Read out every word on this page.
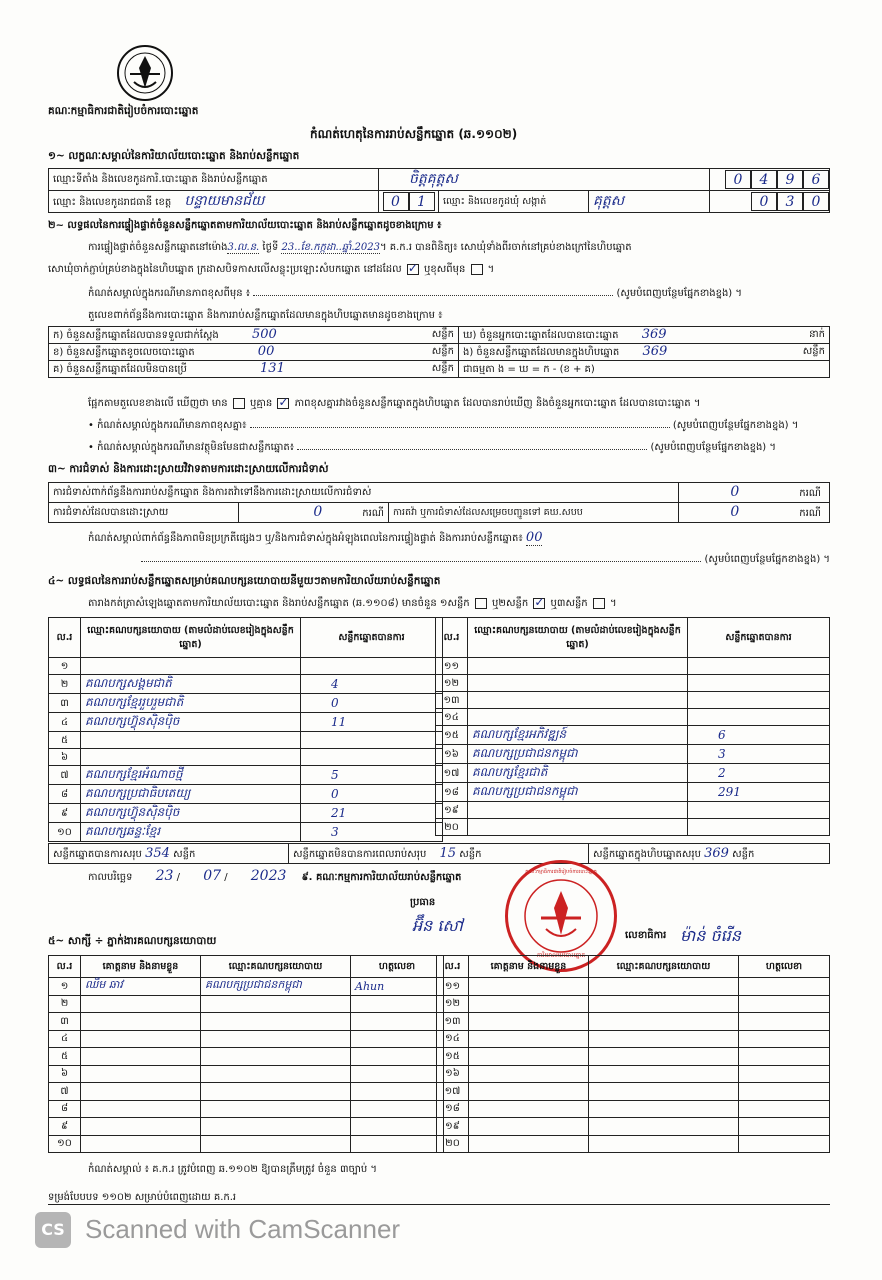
គណៈកម្មាធិការជាតិរៀបចំការបោះឆ្នោត
កំណត់ហេតុនៃការរាប់សន្លឹកឆ្នោត (ឆ.១១០២)
១~ លក្ខណៈសម្គាល់នៃការិយាល័យបោះឆ្នោត និងរាប់សន្លឹកឆ្នោត
ឈ្មោះទីតាំង និងលេខកូដការិ.បោះឆ្នោត និងរាប់សន្លឹកឆ្នោត	ចិត្តគុត្តស			0 4 9 6
ឈ្មោះ និងលេខកូដរាជធានី ខេត្ត បន្ទាយមានជ័យ	0 1	ឈ្មោះ និងលេខកូដឃុំ សង្កាត់	គុត្តស	0 3 0
២~ លទ្ធផលនៃការផ្ទៀងផ្ទាត់ចំនួនសន្លឹកឆ្នោតតាមការិយាល័យបោះឆ្នោត និងរាប់សន្លឹកឆ្នោតដូចខាងក្រោម ៖
ការផ្ទៀងផ្ទាត់ចំនួនសន្លឹកឆ្នោតនៅម៉ោង3.ល.ន. ថ្ងៃទី 23..ខែ.កក្កដា..ឆ្នាំ.2023។ គ.ក.រ បានពិនិត្យ៖ សោឃុំទាំងពីរចាក់នៅគ្រប់ខាងក្រៅនៃហិបឆ្នោត
សោឃុំចាក់ភ្ជាប់គ្រប់ខាងក្នុងនៃហិបឆ្នោត ក្រដាសបិទកាសលើសន្លុះប្រឡោះសំបកឆ្នោត នៅដដែល ✓ ឬខុសពីមុន  ។
កំណត់សម្គាល់ក្នុងករណីមានភាពខុសពីមុន ៖	(សូមបំពេញបន្ថែមផ្នែកខាងខ្នង) ។
តួលេខពាក់ព័ន្ធនឹងការបោះឆ្នោត និងការរាប់សន្លឹកឆ្នោតដែលមានក្នុងហិបឆ្នោតមានដូចខាងក្រោម ៖
ក) ចំនួនសន្លឹកឆ្នោតដែលបានទទួលជាក់ស្តែង 500 សន្លឹក	ឃ) ចំនួនអ្នកបោះឆ្នោតដែលបានបោះឆ្នោត 369 នាក់

ខ) ចំនួនសន្លឹកឆ្នោតខូចលេចបោះឆ្នោត 00 សន្លឹក	ង) ចំនួនសន្លឹកឆ្នោតដែលមានក្នុងហិបឆ្នោត 369 សន្លឹក

គ) ចំនួនសន្លឹកឆ្នោតដែលមិនបានប្រើ 131 សន្លឹក	ជាធម្មតា ង = ឃ = ក - (ខ + គ)
ផ្អែកតាមតួលេខខាងលើ ឃើញថា មាន ឬគ្មាន ✓ ភាពខុសគ្នារវាងចំនួនសន្លឹកឆ្នោតក្នុងហិបឆ្នោត ដែលបានរាប់ឃើញ និងចំនួនអ្នកបោះឆ្នោត ដែលបានបោះឆ្នោត ។
• កំណត់សម្គាល់ក្នុងករណីមានភាពខុសគ្នា៖	(សូមបំពេញបន្ថែមផ្នែកខាងខ្នង) ។
• កំណត់សម្គាល់ក្នុងករណីមានវត្ថុមិនមែនជាសន្លឹកឆ្នោត៖	(សូមបំពេញបន្ថែមផ្នែកខាងខ្នង) ។
៣~ ការជំទាស់ និងការដោះស្រាយវិវាទតាមការដោះស្រាយលើការជំទាស់
ការជំទាស់ពាក់ព័ន្ធនឹងការរាប់សន្លឹកឆ្នោត និងការតវ៉ាទៅនឹងការដោះស្រាយលើការជំទាស់			0 ករណី
ការជំទាស់ដែលបានដោះស្រាយ	0 ករណី	ការតវ៉ា ឬការជំទាស់ដែលសម្រេចបញ្ជូនទៅ គឃ.សបប	0 ករណី
កំណត់សម្គាល់ពាក់ព័ន្ធនឹងភាពមិនប្រក្រតីផ្សេងៗ ឬ/និងការជំទាស់ក្នុងអំឡុងពេលនៃការផ្ទៀងផ្ទាត់ និងការរាប់សន្លឹកឆ្នោត៖ 00
(សូមបំពេញបន្ថែមផ្នែកខាងខ្នង) ។
៤~ លទ្ធផលនៃការរាប់សន្លឹកឆ្នោតសម្រាប់គណបក្សនយោបាយនីមួយៗតាមការិយាល័យរាប់សន្លឹកឆ្នោត
តារាងកត់ត្រាសំឡេងឆ្នោតតាមការិយាល័យបោះឆ្នោត និងរាប់សន្លឹកឆ្នោត (ឆ.១១០៨) មានចំនួន ១សន្លឹក ឬ២សន្លឹក ✓ ឬ៣សន្លឹក  ។
ល.រ	ឈ្មោះគណបក្សនយោបាយ (តាមលំដាប់លេខរៀងក្នុងសន្លឹកឆ្នោត)	សន្លឹកឆ្នោតបានការ
១		
២	គណបក្សសង្គមជាតិ	4
៣	គណបក្សខ្មែររួបរួមជាតិ	0
៤	គណបក្សហ៊្វុនស៊ិនប៉ិច	11
៥		
៦		
៧	គណបក្សខ្មែរអំណាចថ្មី	5
៨	គណបក្សប្រជាធិបតេយ្យ	0
៩	គណបក្សហ៊្វុនស៊ិនប៉ិច	21
១០	គណបក្សឆន្ទៈខ្មែរ	3
ល.រ	ឈ្មោះគណបក្សនយោបាយ (តាមលំដាប់លេខរៀងក្នុងសន្លឹកឆ្នោត)	សន្លឹកឆ្នោតបានការ
១១		
១២		
១៣		
១៤		
១៥	គណបក្សខ្មែរអភិវឌ្ឍន៍	6
១៦	គណបក្សប្រជាជនកម្ពុជា	3
១៧	គណបក្សខ្មែរជាតិ	2
១៨	គណបក្សប្រជាជនកម្ពុជា	291
១៩		
២០		
សន្លឹកឆ្នោតបានការសរុប 354 សន្លឹក	សន្លឹកឆ្នោតមិនបានការពេលរាប់សរុប 15 សន្លឹក	សន្លឹកឆ្នោតក្នុងហិបឆ្នោតសរុប 369 សន្លឹក
កាលបរិច្ឆេទ 23 / 07 / 2023 ៩. គណៈកម្មការការិយាល័យរាប់សន្លឹកឆ្នោត
ប្រធាន
អ៊ឹន សៅ
លេខាធិការ ម៉ាន់ ចំរើន
គណៈកម្មាធិការជាតិរៀបចំការបោះឆ្នោត
ការិយាល័យបោះឆ្នោត
៥~ សាក្សី ÷ ភ្នាក់ងារគណបក្សនយោបាយ
ល.រ	គោត្តនាម និងនាមខ្លួន	ឈ្មោះគណបក្សនយោបាយ	ហត្ថលេខា
១	ឈឹម ឆាវ	គណបក្សប្រជាជនកម្ពុជា	Ahun
២			
៣			
៤			
៥			
៦			
៧			
៨			
៩			
១០			
ល.រ	គោត្តនាម និងនាមខ្លួន	ឈ្មោះគណបក្សនយោបាយ	ហត្ថលេខា
១១			
១២			
១៣			
១៤			
១៥			
១៦			
១៧			
១៨			
១៩			
២០			
កំណត់សម្គាល់ ៖ គ.ក.រ ត្រូវបំពេញ ឆ.១១០២ ឱ្យបានត្រឹមត្រូវ ចំនួន ៣ច្បាប់ ។
ទម្រង់បែបបទ ១១០២ សម្រាប់បំពេញដោយ គ.ក.រ
CS Scanned with CamScanner
